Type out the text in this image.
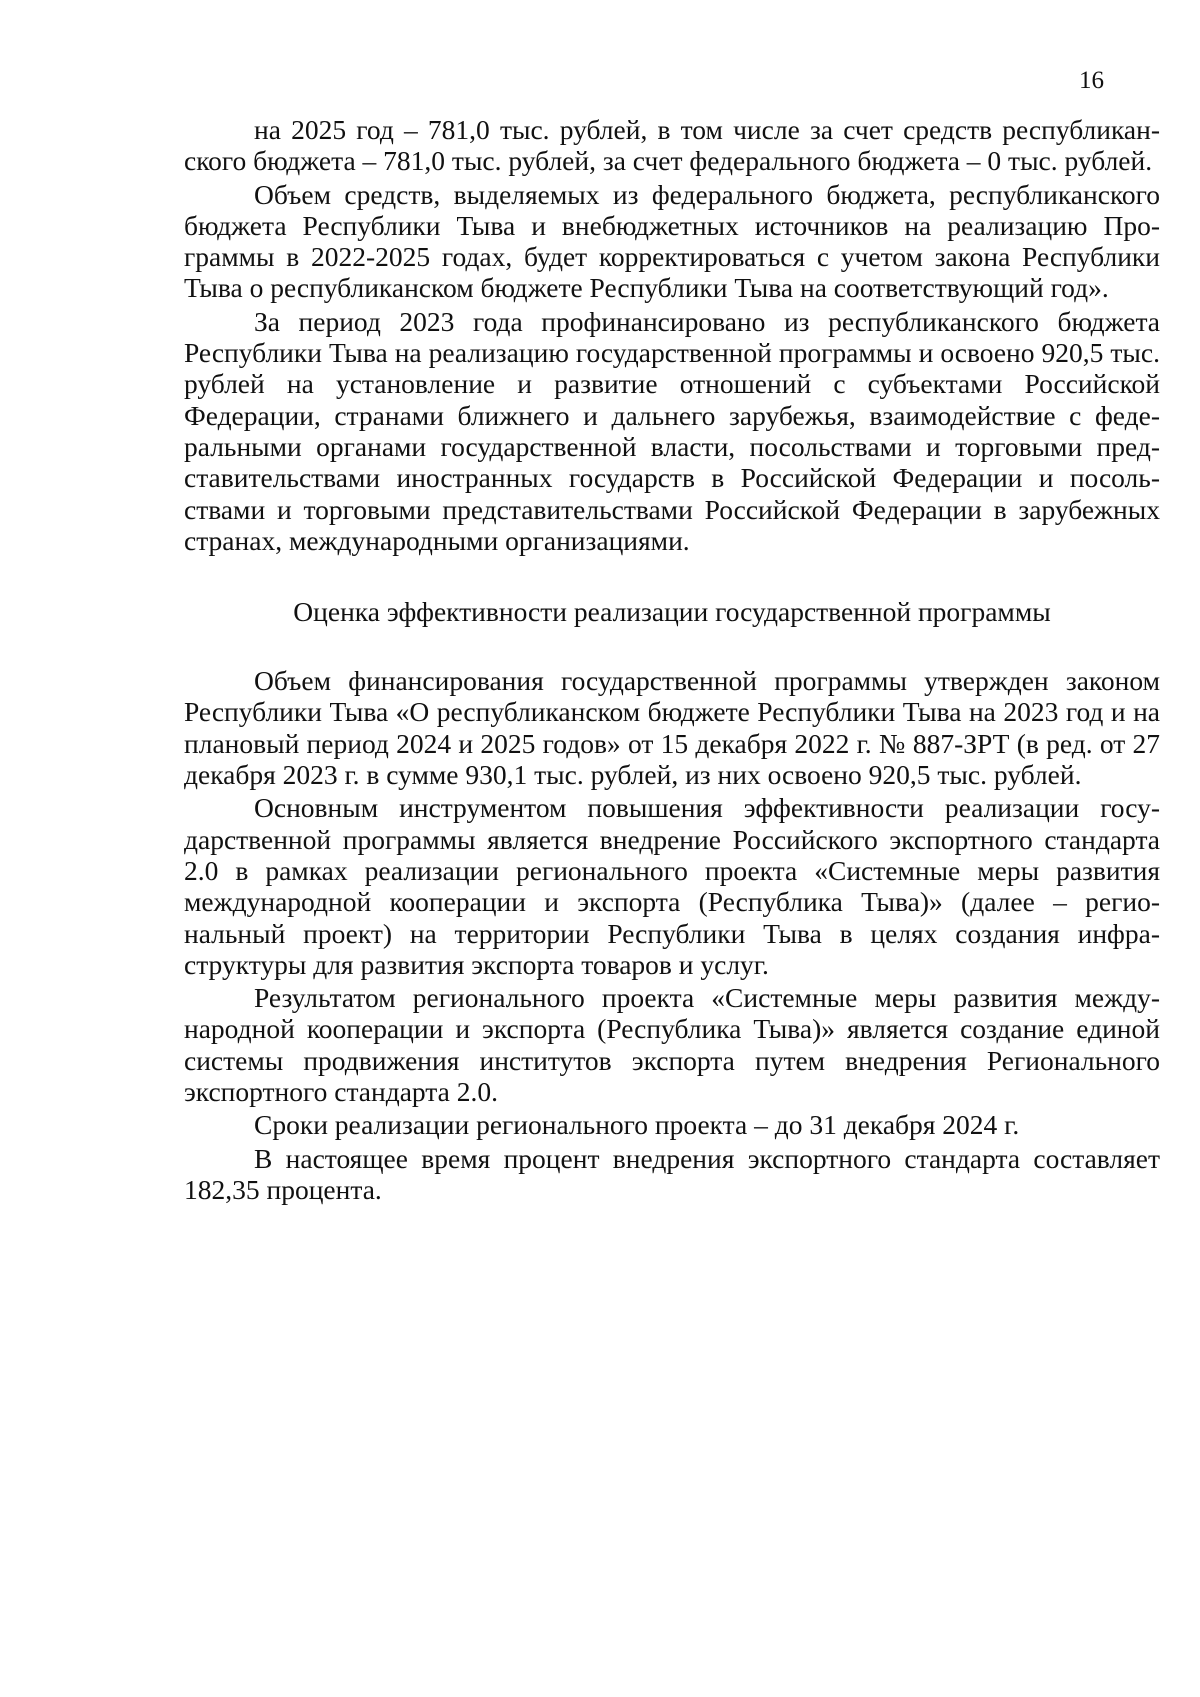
16

на 2025 год – 781,0 тыс. рублей, в том числе за счет средств республиканского бюджета – 781,0 тыс. рублей, за счет федерального бюджета – 0 тыс. рублей.

Объем средств, выделяемых из федерального бюджета, республиканского бюджета Республики Тыва и внебюджетных источников на реализацию Программы в 2022-2025 годах, будет корректироваться с учетом закона Республики Тыва о республиканском бюджете Республики Тыва на соответствующий год».

За период 2023 года профинансировано из республиканского бюджета Республики Тыва на реализацию государственной программы и освоено 920,5 тыс. рублей на установление и развитие отношений с субъектами Российской Федерации, странами ближнего и дальнего зарубежья, взаимодействие с федеральными органами государственной власти, посольствами и торговыми представительствами иностранных государств в Российской Федерации и посольствами и торговыми представительствами Российской Федерации в зарубежных странах, международными организациями.

Оценка эффективности реализации государственной программы

Объем финансирования государственной программы утвержден законом Республики Тыва «О республиканском бюджете Республики Тыва на 2023 год и на плановый период 2024 и 2025 годов» от 15 декабря 2022 г. № 887-ЗРТ (в ред. от 27 декабря 2023 г. в сумме 930,1 тыс. рублей, из них освоено 920,5 тыс. рублей.

Основным инструментом повышения эффективности реализации государственной программы является внедрение Российского экспортного стандарта 2.0 в рамках реализации регионального проекта «Системные меры развития международной кооперации и экспорта (Республика Тыва)» (далее – региональный проект) на территории Республики Тыва в целях создания инфраструктуры для развития экспорта товаров и услуг.

Результатом регионального проекта «Системные меры развития международной кооперации и экспорта (Республика Тыва)» является создание единой системы продвижения институтов экспорта путем внедрения Регионального экспортного стандарта 2.0.

Сроки реализации регионального проекта – до 31 декабря 2024 г.

В настоящее время процент внедрения экспортного стандарта составляет 182,35 процента.
